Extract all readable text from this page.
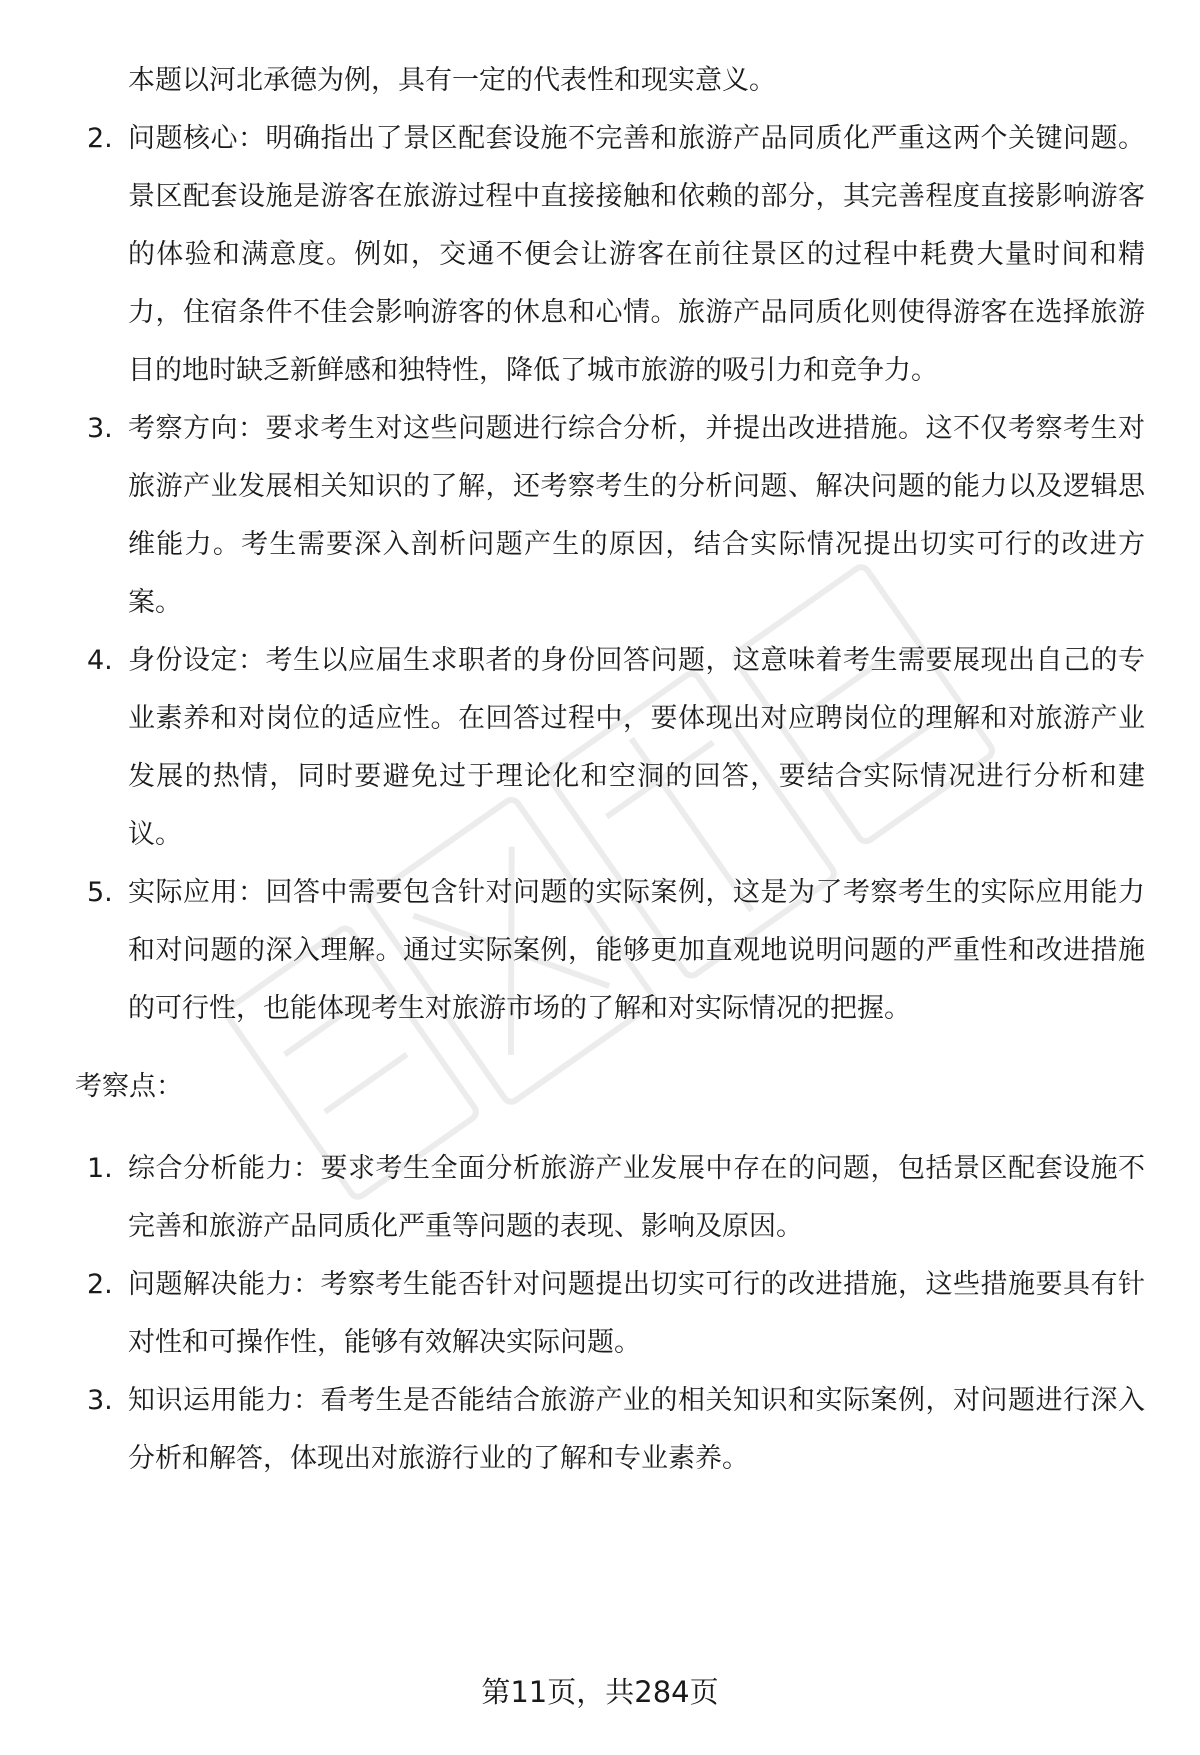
本题以河北承德为例，具有一定的代表性和现实意义。

2. 问题核心：明确指出了景区配套设施不完善和旅游产品同质化严重这两个关键问题。景区配套设施是游客在旅游过程中直接接触和依赖的部分，其完善程度直接影响游客的体验和满意度。例如，交通不便会让游客在前往景区的过程中耗费大量时间和精力，住宿条件不佳会影响游客的休息和心情。旅游产品同质化则使得游客在选择旅游目的地时缺乏新鲜感和独特性，降低了城市旅游的吸引力和竞争力。
3. 考察方向：要求考生对这些问题进行综合分析，并提出改进措施。这不仅考察考生对旅游产业发展相关知识的了解，还考察考生的分析问题、解决问题的能力以及逻辑思维能力。考生需要深入剖析问题产生的原因，结合实际情况提出切实可行的改进方案。
4. 身份设定：考生以应届生求职者的身份回答问题，这意味着考生需要展现出自己的专业素养和对岗位的适应性。在回答过程中，要体现出对应聘岗位的理解和对旅游产业发展的热情，同时要避免过于理论化和空洞的回答，要结合实际情况进行分析和建议。
5. 实际应用：回答中需要包含针对问题的实际案例，这是为了考察考生的实际应用能力和对问题的深入理解。通过实际案例，能够更加直观地说明问题的严重性和改进措施的可行性，也能体现考生对旅游市场的了解和对实际情况的把握。
考察点：
1. 综合分析能力：要求考生全面分析旅游产业发展中存在的问题，包括景区配套设施不完善和旅游产品同质化严重等问题的表现、影响及原因。
2. 问题解决能力：考察考生能否针对问题提出切实可行的改进措施，这些措施要具有针对性和可操作性，能够有效解决实际问题。
3. 知识运用能力：看考生是否能结合旅游产业的相关知识和实际案例，对问题进行深入分析和解答，体现出对旅游行业的了解和专业素养。
第11页，共284页
